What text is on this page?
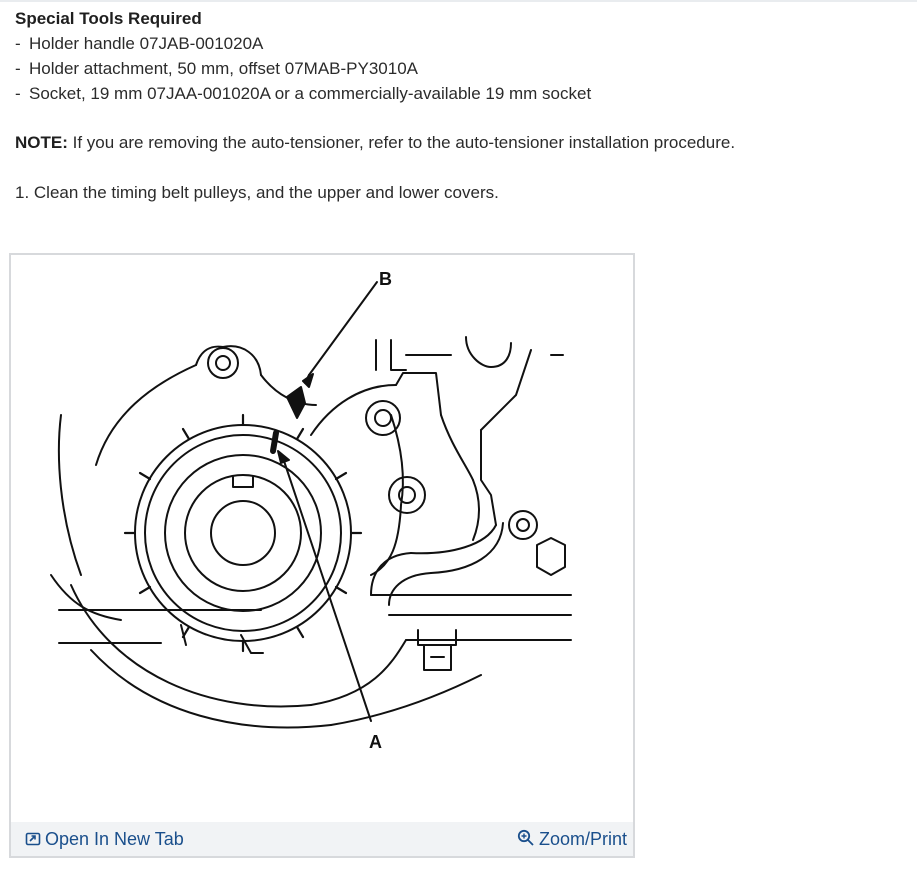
Special Tools Required

- Holder handle 07JAB-001020A

- Holder attachment, 50 mm, offset 07MAB-PY3010A

- Socket, 19 mm 07JAA-001020A or a commercially-available 19 mm socket

NOTE: If you are removing the auto-tensioner, refer to the auto-tensioner installation procedure.

1. Clean the timing belt pulleys, and the upper and lower covers.

B
A
Open In New Tab	Zoom/Print
